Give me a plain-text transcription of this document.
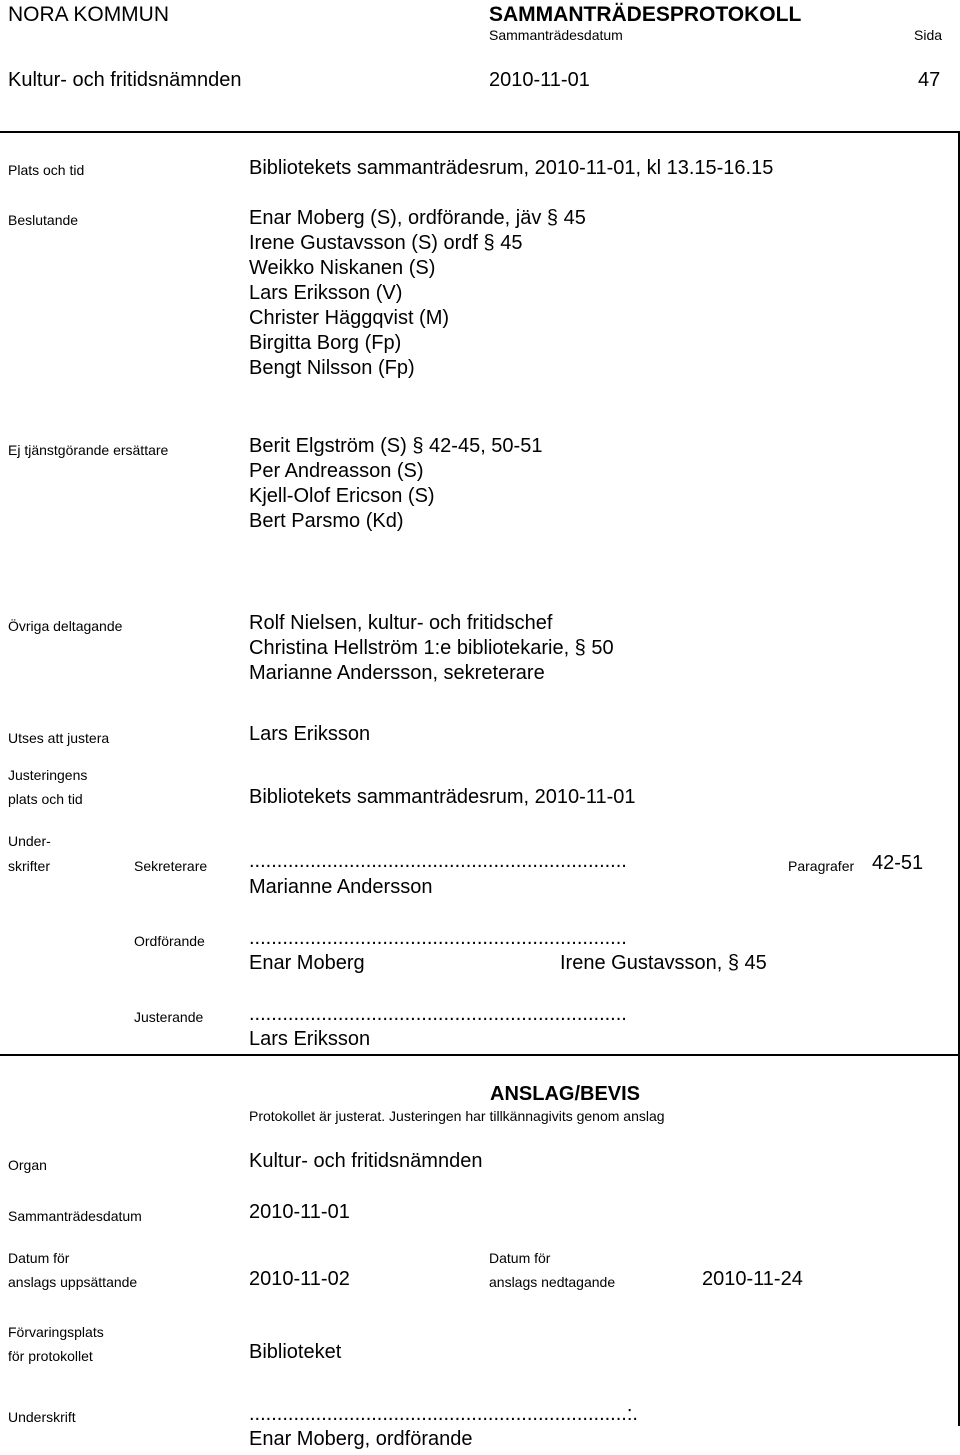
NORA KOMMUN	SAMMANTRÄDESPROTOKOLL
Sammanträdesdatum	Sida
Kultur- och fritidsnämnden	2010-11-01	47
Plats och tid	Bibliotekets sammanträdesrum, 2010-11-01, kl 13.15-16.15
Beslutande	Enar Moberg (S), ordförande, jäv § 45
Irene Gustavsson (S) ordf § 45
Weikko Niskanen (S)
Lars Eriksson (V)
Christer Häggqvist (M)
Birgitta Borg (Fp)
Bengt Nilsson (Fp)
Ej tjänstgörande ersättare	Berit Elgström (S) § 42-45, 50-51
Per Andreasson (S)
Kjell-Olof Ericson (S)
Bert Parsmo (Kd)
Övriga deltagande	Rolf Nielsen, kultur- och fritidschef
Christina Hellström 1:e bibliotekarie, § 50
Marianne Andersson, sekreterare
Utses att justera	Lars Eriksson
Justeringens
plats och tid	Bibliotekets sammanträdesrum, 2010-11-01
Under-
skrifter	Sekreterare ....................................................................	Paragrafer 42-51
Marianne Andersson
Ordförande ....................................................................
Enar Moberg	Irene Gustavsson, § 45
Justerande ....................................................................
Lars Eriksson
ANSLAG/BEVIS
Protokollet är justerat. Justeringen har tillkännagivits genom anslag
Organ	Kultur- och fritidsnämnden
Sammanträdesdatum	2010-11-01
Datum för
anslags uppsättande	2010-11-02
Datum för
anslags nedtagande	2010-11-24
Förvaringsplats
för protokollet	Biblioteket
Underskrift	....................................................................:.
Enar Moberg, ordförande
